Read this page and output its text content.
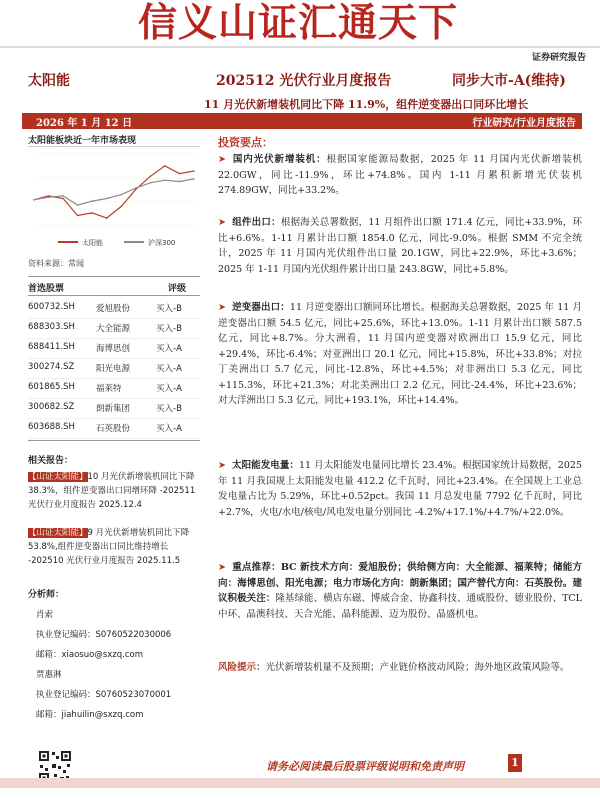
信义山证汇通天下
证券研究报告
太阳能	202512 光伏行业月度报告	同步大市-A(维持)
11 月光伏新增装机同比下降 11.9%，组件逆变器出口同环比增长
2026 年 1 月 12 日	行业研究/行业月度报告
太阳能板块近一年市场表现
太阳能	沪深300
资料来源：常闻
首选股票	评级
600732.SH 爱旭股份	买入-B
688303.SH 大全能源	买入-B
688411.SH 海博思创	买入-A
300274.SZ	阳光电源	买入-A
601865.SH 福莱特	买入-A
300682.SZ	朗新集团	买入-B
603688.SH 石英股份	买入-A
相关报告：
【山证太阳能】10 月光伏新增装机同比下降 38.3%，组件逆变器出口同增环降 -202511 光伏行业月度报告 2025.12.4
【山证太阳能】9 月光伏新增装机同比下降 53.8%,组件逆变器出口同比维持增长 -202510 光伏行业月度报告 2025.11.5
分析师：
肖索
执业登记编码：S0760522030006
邮箱：xiaosuo@sxzq.com
贾惠淋
执业登记编码：S0760523070001
邮箱：jiahuilin@sxzq.com
投资要点：
➤ 国内光伏新增装机：根据国家能源局数据，2025 年 11 月国内光伏新增装机 22.0GW，同比-11.9%，环比+74.8%。国内 1-11 月累积新增光伏装机 274.89GW，同比+33.2%。
➤ 组件出口：根据海关总署数据，11 月组件出口额 171.4 亿元，同比+33.9%，环比+6.6%。1-11 月累计出口额 1854.0 亿元，同比-9.0%。根据 SMM 不完全统计，2025 年 11 月国内光伏组件出口量 20.1GW，同比+22.9%，环比+3.6%；2025 年 1-11 月国内光伏组件累计出口量 243.8GW，同比+5.8%。
➤ 逆变器出口：11 月逆变器出口额同环比增长。根据海关总署数据，2025 年 11 月逆变器出口额 54.5 亿元，同比+25.6%，环比+13.0%。1-11 月累计出口额 587.5 亿元，同比+8.7%。分大洲看，11 月国内逆变器对欧洲出口 15.9 亿元，同比+29.4%，环比-6.4%；对亚洲出口 20.1 亿元，同比+15.8%，环比+33.8%；对拉丁美洲出口 5.7 亿元，同比-12.8%，环比+4.5%；对非洲出口 5.3 亿元，同比+115.3%，环比+21.3%；对北美洲出口 2.2 亿元，同比-24.4%，环比+23.6%；对大洋洲出口 5.3 亿元，同比+193.1%，环比+14.4%。
➤ 太阳能发电量：11 月太阳能发电量同比增长 23.4%。根据国家统计局数据，2025 年 11 月我国规上太阳能发电量 412.2 亿千瓦时，同比+23.4%。在全国规上工业总发电量占比为 5.29%，环比+0.52pct。我国 11 月总发电量 7792 亿千瓦时，同比+2.7%，火电/水电/核电/风电发电量分别同比 -4.2%/+17.1%/+4.7%/+22.0%。
➤ 重点推荐：BC 新技术方向：爱旭股份；供给侧方向：大全能源、福莱特；储能方向：海博思创、阳光电源；电力市场化方向：朗新集团；国产替代方向：石英股份。建议积极关注：隆基绿能、横店东磁、博威合金、协鑫科技、通威股份、德业股份、TCL 中环、晶澳科技、天合光能、晶科能源、迈为股份、晶盛机电。
风险提示：光伏新增装机量不及预期；产业链价格波动风险；海外地区政策风险等。
请务必阅读最后股票评级说明和免责声明	1
